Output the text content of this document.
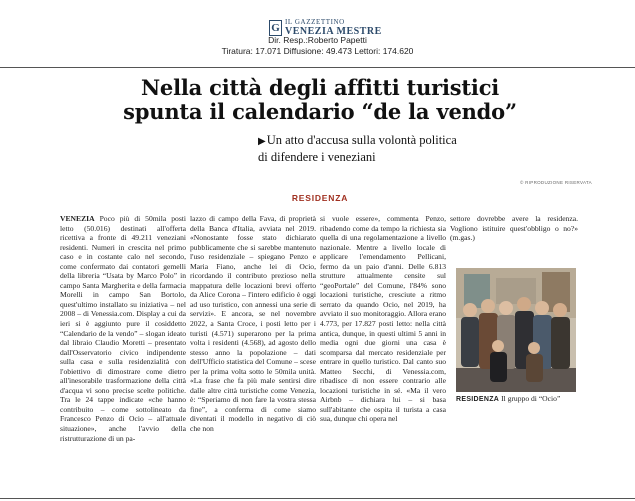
G IL GAZZETTINO
VENEZIA MESTRE
Dir. Resp.:Roberto Papetti
Tiratura: 17.071 Diffusione: 49.473 Lettori: 174.620
Nella città degli affitti turistici
spunta il calendario “de la vendo”
▶Un atto d'accusa sulla volontà politica di difendere i veneziani
© RIPRODUZIONE RISERVATA
RESIDENZA
VENEZIA Poco più di 50mila posti letto (50.016) destinati all'offerta ricettiva a fronte di 49.211 veneziani residenti. Numeri in crescita nel primo caso e in costante calo nel secondo, come confermato dai contatori gemelli della libreria “Usata by Marco Polo” in campo Santa Margherita e della farmacia Morelli in campo San Bortolo, quest'ultimo installato su iniziativa – nel 2008 – di Venessia.com. Display a cui da ieri si è aggiunto pure il cosiddetto “Calendario de la vendo” – slogan ideato dal libraio Claudio Moretti – presentato dall'Osservatorio civico indipendente sulla casa e sulla residenzialità con l'obiettivo di dimostrare come dietro all'inesorabile trasformazione della città d'acqua vi sono precise scelte politiche. Tra le 24 tappe indicate «che hanno contribuito – come sottolineato da Francesco Penzo di Ocio – all'attuale situazione», anche l'avvio della ristrutturazione di un pa-
lazzo di campo della Fava, di proprietà della Banca d'Italia, avviata nel 2019. «Nonostante fosse stato dichiarato pubblicamente che si sarebbe mantenuto l'uso residenziale – spiegano Penzo e Maria Fiano, anche lei di Ocio, ricordando il contributo prezioso nella mappatura delle locazioni brevi offerto da Alice Corona – l'intero edificio è oggi ad uso turistico, con annessi una serie di servizi». E ancora, se nel novembre 2022, a Santa Croce, i posti letto per i turisti (4.571) superarono per la prima volta i residenti (4.568), ad agosto dello stesso anno la popolazione – dati dell'Ufficio statistica del Comune – scese per la prima volta sotto le 50mila unità. «La frase che fa più male sentirsi dire dalle altre città turistiche come Venezia, è: “Speriamo di non fare la vostra stessa fine”, a conferma di come siamo diventati il modello in negativo di ciò che non
si vuole essere», commenta Penzo, ribadendo come da tempo la richiesta sia quella di una regolamentazione a livello nazionale. Mentre a livello locale di applicare l'emendamento Pellicani, fermo da un paio d'anni. Delle 6.813 strutture attualmente censite sul “geoPortale” del Comune, l'84% sono locazioni turistiche, cresciute a ritmo serrato da quando Ocio, nel 2019, ha avviato il suo monitoraggio. Allora erano 4.773, per 17.827 posti letto: nella città antica, dunque, in questi ultimi 5 anni in media ogni due giorni una casa è scomparsa dal mercato residenziale per entrare in quello turistico. Dal canto suo Matteo Secchi, di Venessia.com, ribadisce di non essere contrario alle locazioni turistiche in sé. «Ma il vero Airbnb – dichiara lui – si basa sull'abitante che ospita il turista a casa sua, dunque chi opera nel
settore dovrebbe avere la residenza. Vogliono istituire quest'obbligo o no?» (m.gas.)
RESIDENZA Il gruppo di “Ocio”
